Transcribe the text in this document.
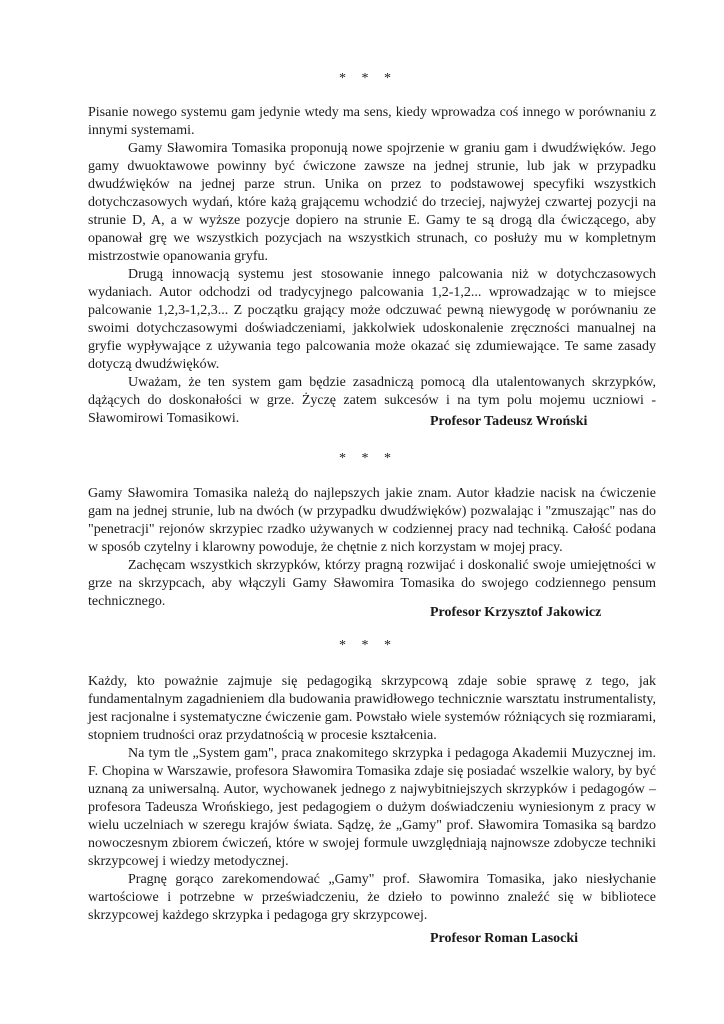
* * *

Pisanie nowego systemu gam jedynie wtedy ma sens, kiedy wprowadza coś innego w porównaniu z innymi systemami.

Gamy Sławomira Tomasika proponują nowe spojrzenie w graniu gam i dwudźwięków. Jego gamy dwuoktawowe powinny być ćwiczone zawsze na jednej strunie, lub jak w przypadku dwudźwięków na jednej parze strun. Unika on przez to podstawowej specyfiki wszystkich dotychczasowych wydań, które każą grającemu wchodzić do trzeciej, najwyżej czwartej pozycji na strunie D, A, a w wyższe pozycje dopiero na strunie E. Gamy te są drogą dla ćwiczącego, aby opanował grę we wszystkich pozycjach na wszystkich strunach, co posłuży mu w kompletnym mistrzostwie opanowania gryfu.

Drugą innowacją systemu jest stosowanie innego palcowania niż w dotychczasowych wydaniach. Autor odchodzi od tradycyjnego palcowania 1,2-1,2... wprowadzając w to miejsce palcowanie 1,2,3-1,2,3... Z początku grający może odczuwać pewną niewygodę w porównaniu ze swoimi dotychczasowymi doświadczeniami, jakkolwiek udoskonalenie zręczności manualnej na gryfie wypływające z używania tego palcowania może okazać się zdumiewające. Te same zasady dotyczą dwudźwięków.

Uważam, że ten system gam będzie zasadniczą pomocą dla utalentowanych skrzypków, dążących do doskonałości w grze. Życzę zatem sukcesów i na tym polu mojemu uczniowi - Sławomirowi Tomasikowi.	Profesor Tadeusz Wroński
* * *

Gamy Sławomira Tomasika należą do najlepszych jakie znam. Autor kładzie nacisk na ćwiczenie gam na jednej strunie, lub na dwóch (w przypadku dwudźwięków) pozwalając i "zmuszając" nas do "penetracji" rejonów skrzypiec rzadko używanych w codziennej pracy nad techniką. Całość podana w sposób czytelny i klarowny powoduje, że chętnie z nich korzystam w mojej pracy.

Zachęcam wszystkich skrzypków, którzy pragną rozwijać i doskonalić swoje umiejętności w grze na skrzypcach, aby włączyli Gamy Sławomira Tomasika do swojego codziennego pensum technicznego.

Profesor Krzysztof Jakowicz
* * *

Każdy, kto poważnie zajmuje się pedagogiką skrzypcową zdaje sobie sprawę z tego, jak fundamentalnym zagadnieniem dla budowania prawidłowego technicznie warsztatu instrumentalisty, jest racjonalne i systematyczne ćwiczenie gam. Powstało wiele systemów różniących się rozmiarami, stopniem trudności oraz przydatnością w procesie kształcenia.

Na tym tle „System gam", praca znakomitego skrzypka i pedagoga Akademii Muzycznej im. F. Chopina w Warszawie, profesora Sławomira Tomasika zdaje się posiadać wszelkie walory, by być uznaną za uniwersalną. Autor, wychowanek jednego z najwybitniejszych skrzypków i pedagogów – profesora Tadeusza Wrońskiego, jest pedagogiem o dużym doświadczeniu wyniesionym z pracy w wielu uczelniach w szeregu krajów świata. Sądzę, że „Gamy" prof. Sławomira Tomasika są bardzo nowoczesnym zbiorem ćwiczeń, które w swojej formule uwzględniają najnowsze zdobycze techniki skrzypcowej i wiedzy metodycznej.

Pragnę gorąco zarekomendować „Gamy" prof. Sławomira Tomasika, jako niesłychanie wartościowe i potrzebne w przeświadczeniu, że dzieło to powinno znaleźć się w bibliotece skrzypcowej każdego skrzypka i pedagoga gry skrzypcowej.

Profesor Roman Lasocki
